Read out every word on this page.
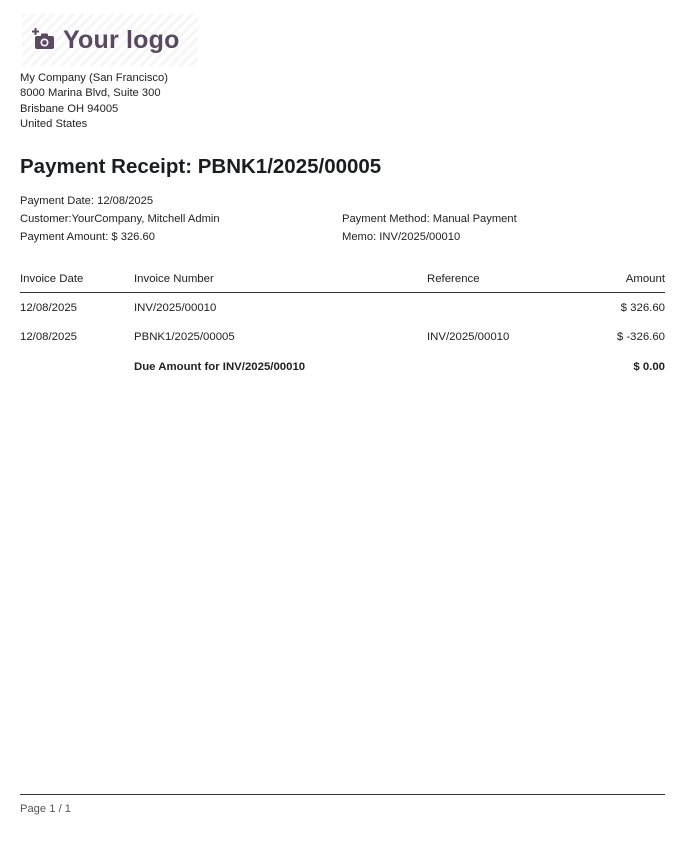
Your logo
My Company (San Francisco)
8000 Marina Blvd, Suite 300
Brisbane OH 94005
United States
Payment Receipt: PBNK1/2025/00005
Payment Date: 12/08/2025
Customer:YourCompany, Mitchell Admin
Payment Amount: $ 326.60
Payment Method: Manual Payment
Memo: INV/2025/00010
Invoice Date	Invoice Number	Reference	Amount
12/08/2025	INV/2025/00010		$ 326.60
12/08/2025	PBNK1/2025/00005	INV/2025/00010	$ -326.60
	Due Amount for INV/2025/00010		$ 0.00
Page 1 / 1
